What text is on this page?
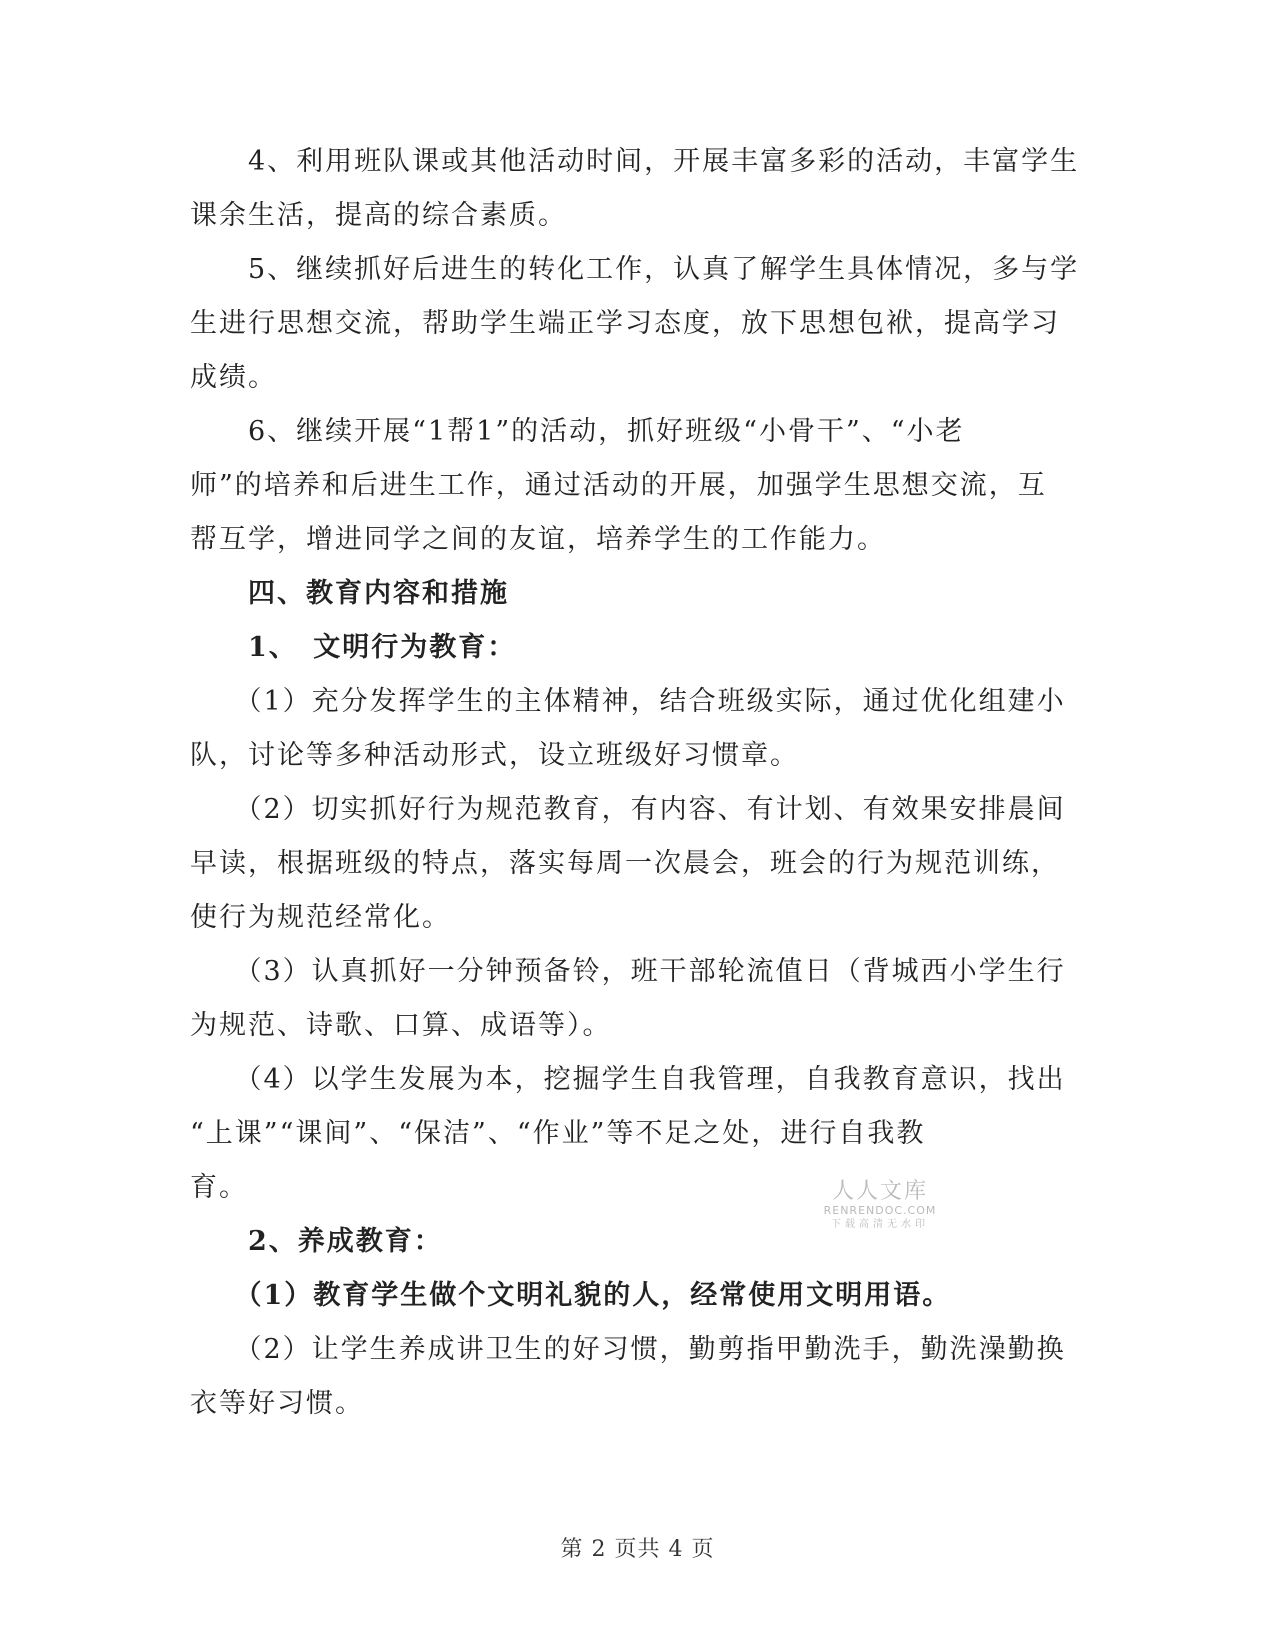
　　4、利用班队课或其他活动时间，开展丰富多彩的活动，丰富学生
课余生活，提高的综合素质。
　　5、继续抓好后进生的转化工作，认真了解学生具体情况，多与学
生进行思想交流，帮助学生端正学习态度，放下思想包袱，提高学习
成绩。
　　6、继续开展“1帮1”的活动，抓好班级“小骨干”、“小老
师”的培养和后进生工作，通过活动的开展，加强学生思想交流，互
帮互学，增进同学之间的友谊，培养学生的工作能力。
　　四、教育内容和措施
　　1、　文明行为教育：
　　（1）充分发挥学生的主体精神，结合班级实际，通过优化组建小
队，讨论等多种活动形式，设立班级好习惯章。
　　（2）切实抓好行为规范教育，有内容、有计划、有效果安排晨间
早读，根据班级的特点，落实每周一次晨会，班会的行为规范训练，
使行为规范经常化。
　　（3）认真抓好一分钟预备铃，班干部轮流值日（背城西小学生行
为规范、诗歌、口算、成语等）。
　　（4）以学生发展为本，挖掘学生自我管理，自我教育意识，找出
“上课”“课间”、“保洁”、“作业”等不足之处，进行自我教
育。
　　2、养成教育：
　　（1）教育学生做个文明礼貌的人，经常使用文明用语。
　　（2）让学生养成讲卫生的好习惯，勤剪指甲勤洗手，勤洗澡勤换
衣等好习惯。
人人文库
RENRENDOC.COM
下载高清无水印
第 2 页共 4 页
